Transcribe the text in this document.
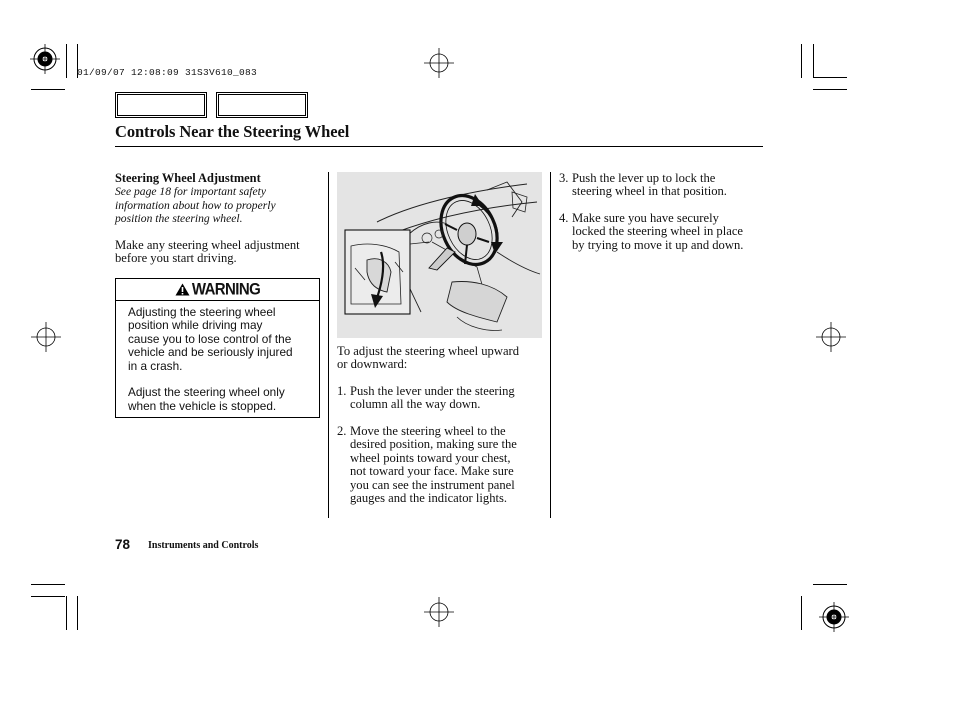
01/09/07 12:08:09 31S3V610_083
Controls Near the Steering Wheel
Steering Wheel Adjustment
See page 18 for important safety
information about how to properly
position the steering wheel.
Make any steering wheel adjustment
before you start driving.
WARNING
Adjusting the steering wheel
position while driving may
cause you to lose control of the
vehicle and be seriously injured
in a crash.
Adjust the steering wheel only
when the vehicle is stopped.
To adjust the steering wheel upward
or downward:
1. Push the lever under the steering
column all the way down.
2. Move the steering wheel to the
desired position, making sure the
wheel points toward your chest,
not toward your face. Make sure
you can see the instrument panel
gauges and the indicator lights.
3. Push the lever up to lock the
steering wheel in that position.
4. Make sure you have securely
locked the steering wheel in place
by trying to move it up and down.
78 Instruments and Controls
